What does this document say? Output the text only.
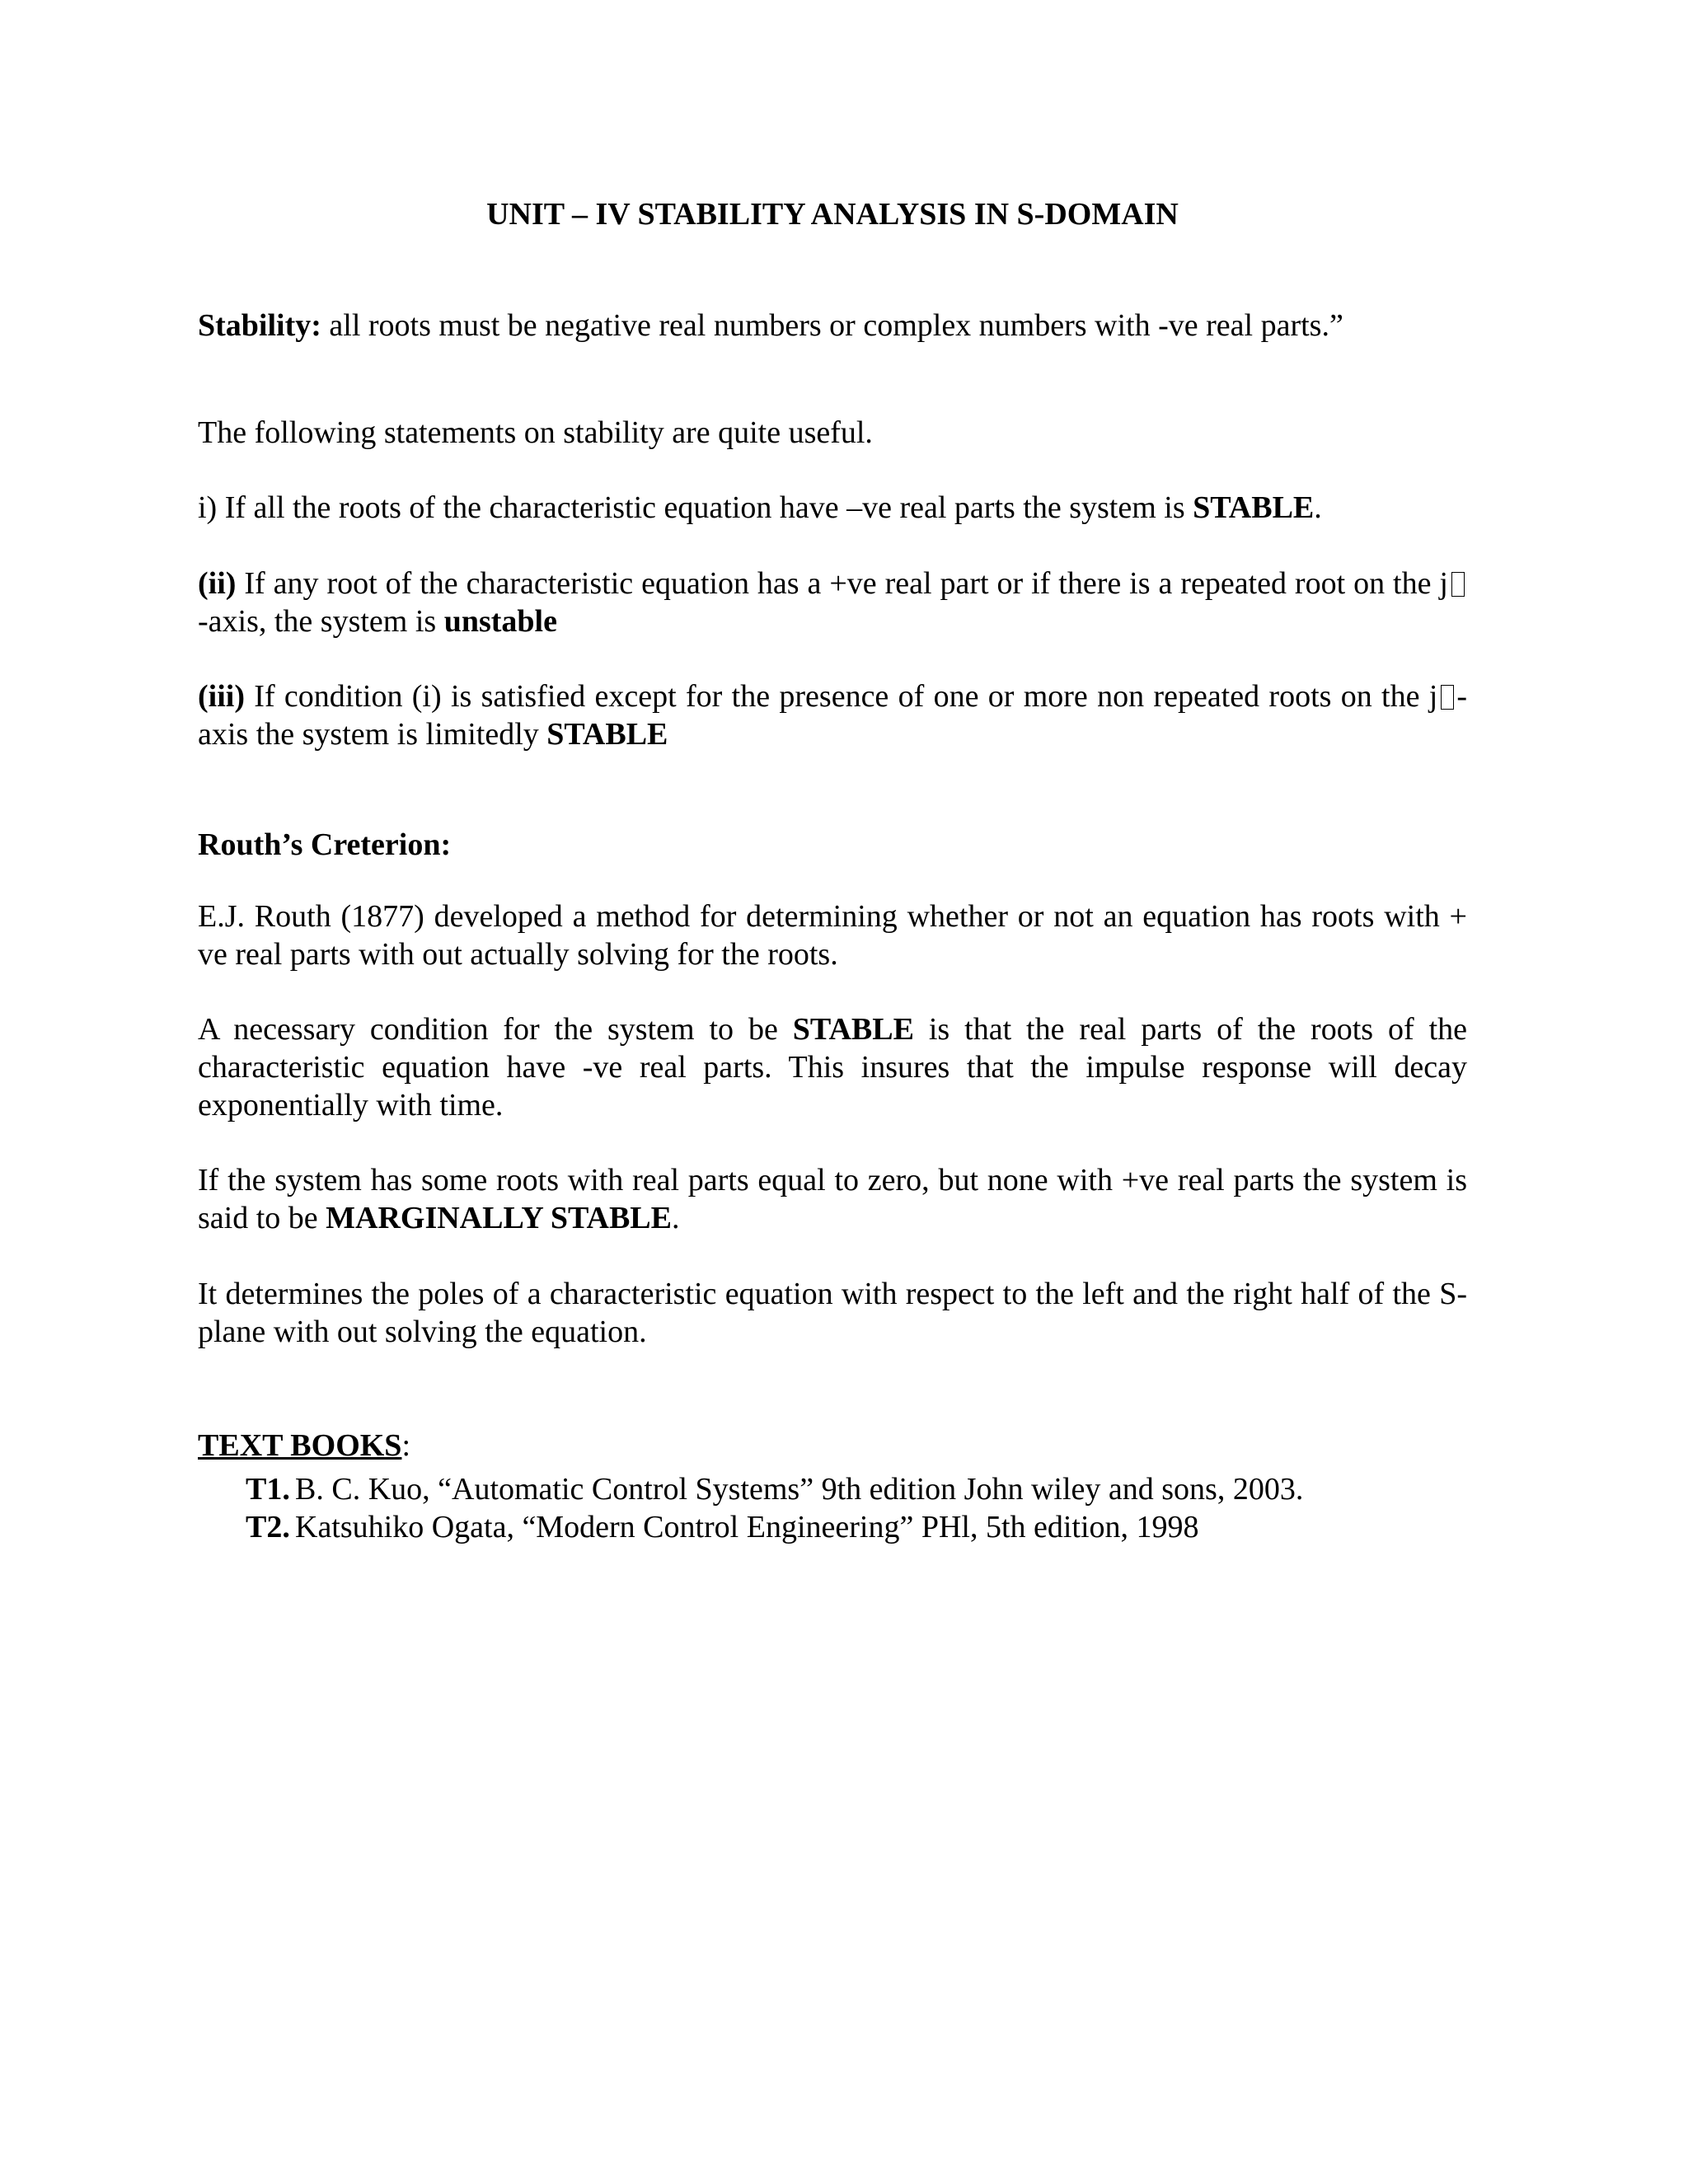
UNIT – IV STABILITY ANALYSIS IN S-DOMAIN
Stability: all roots must be negative real numbers or complex numbers with -ve real parts.”
The following statements on stability are quite useful.
i) If all the roots of the characteristic equation have –ve real parts the system is STABLE.
(ii) If any root of the characteristic equation has a +ve real part or if there is a repeated root on the j-axis, the system is unstable
(iii) If condition (i) is satisfied except for the presence of one or more non repeated roots on the j -axis the system is limitedly STABLE
Routh’s Creterion:
E.J. Routh (1877) developed a method for determining whether or not an equation has roots with + ve real parts with out actually solving for the roots.
A necessary condition for the system to be STABLE is that the real parts of the roots of the characteristic equation have -ve real parts. This insures that the impulse response will decay exponentially with time.
If the system has some roots with real parts equal to zero, but none with +ve real parts the system is said to be MARGINALLY STABLE.
It determines the poles of a characteristic equation with respect to the left and the right half of the S-plane with out solving the equation.
TEXT BOOKS:
T1. B. C. Kuo, “Automatic Control Systems” 9th edition John wiley and sons, 2003.
T2. Katsuhiko Ogata, “Modern Control Engineering” PHl, 5th edition, 1998
